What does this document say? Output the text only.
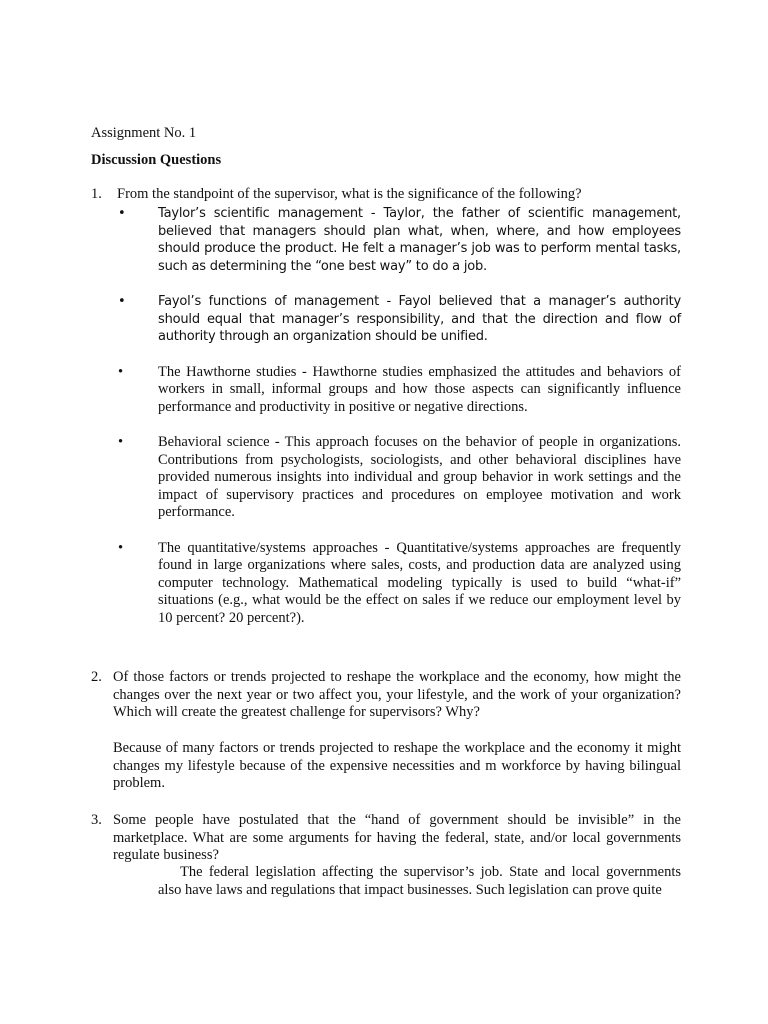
Assignment No. 1
Discussion Questions
1. From the standpoint of the supervisor, what is the significance of the following?
•	Taylor’s scientific management - Taylor, the father of scientific management, believed that managers should plan what, when, where, and how employees should produce the product. He felt a manager’s job was to perform mental tasks, such as determining the “one best way” to do a job.
•	Fayol’s functions of management - Fayol believed that a manager’s authority should equal that manager’s responsibility, and that the direction and flow of authority through an organization should be unified.
• The Hawthorne studies - Hawthorne studies emphasized the attitudes and behaviors of workers in small, informal groups and how those aspects can significantly influence performance and productivity in positive or negative directions.
• Behavioral science - This approach focuses on the behavior of people in organizations. Contributions from psychologists, sociologists, and other behavioral disciplines have provided numerous insights into individual and group behavior in work settings and the impact of supervisory practices and procedures on employee motivation and work performance.
• The quantitative/systems approaches - Quantitative/systems approaches are frequently found in large organizations where sales, costs, and production data are analyzed using computer technology. Mathematical modeling typically is used to build “what-if” situations (e.g., what would be the effect on sales if we reduce our employment level by 10 percent? 20 percent?).
2. Of those factors or trends projected to reshape the workplace and the economy, how might the changes over the next year or two affect you, your lifestyle, and the work of your organization? Which will create the greatest challenge for supervisors? Why?
Because of many factors or trends projected to reshape the workplace and the economy it might changes my lifestyle because of the expensive necessities and m workforce by having bilingual problem.
3. Some people have postulated that the “hand of government should be invisible” in the marketplace. What are some arguments for having the federal, state, and/or local governments regulate business?
The federal legislation affecting the supervisor’s job. State and local governments also have laws and regulations that impact businesses. Such legislation can prove quite
